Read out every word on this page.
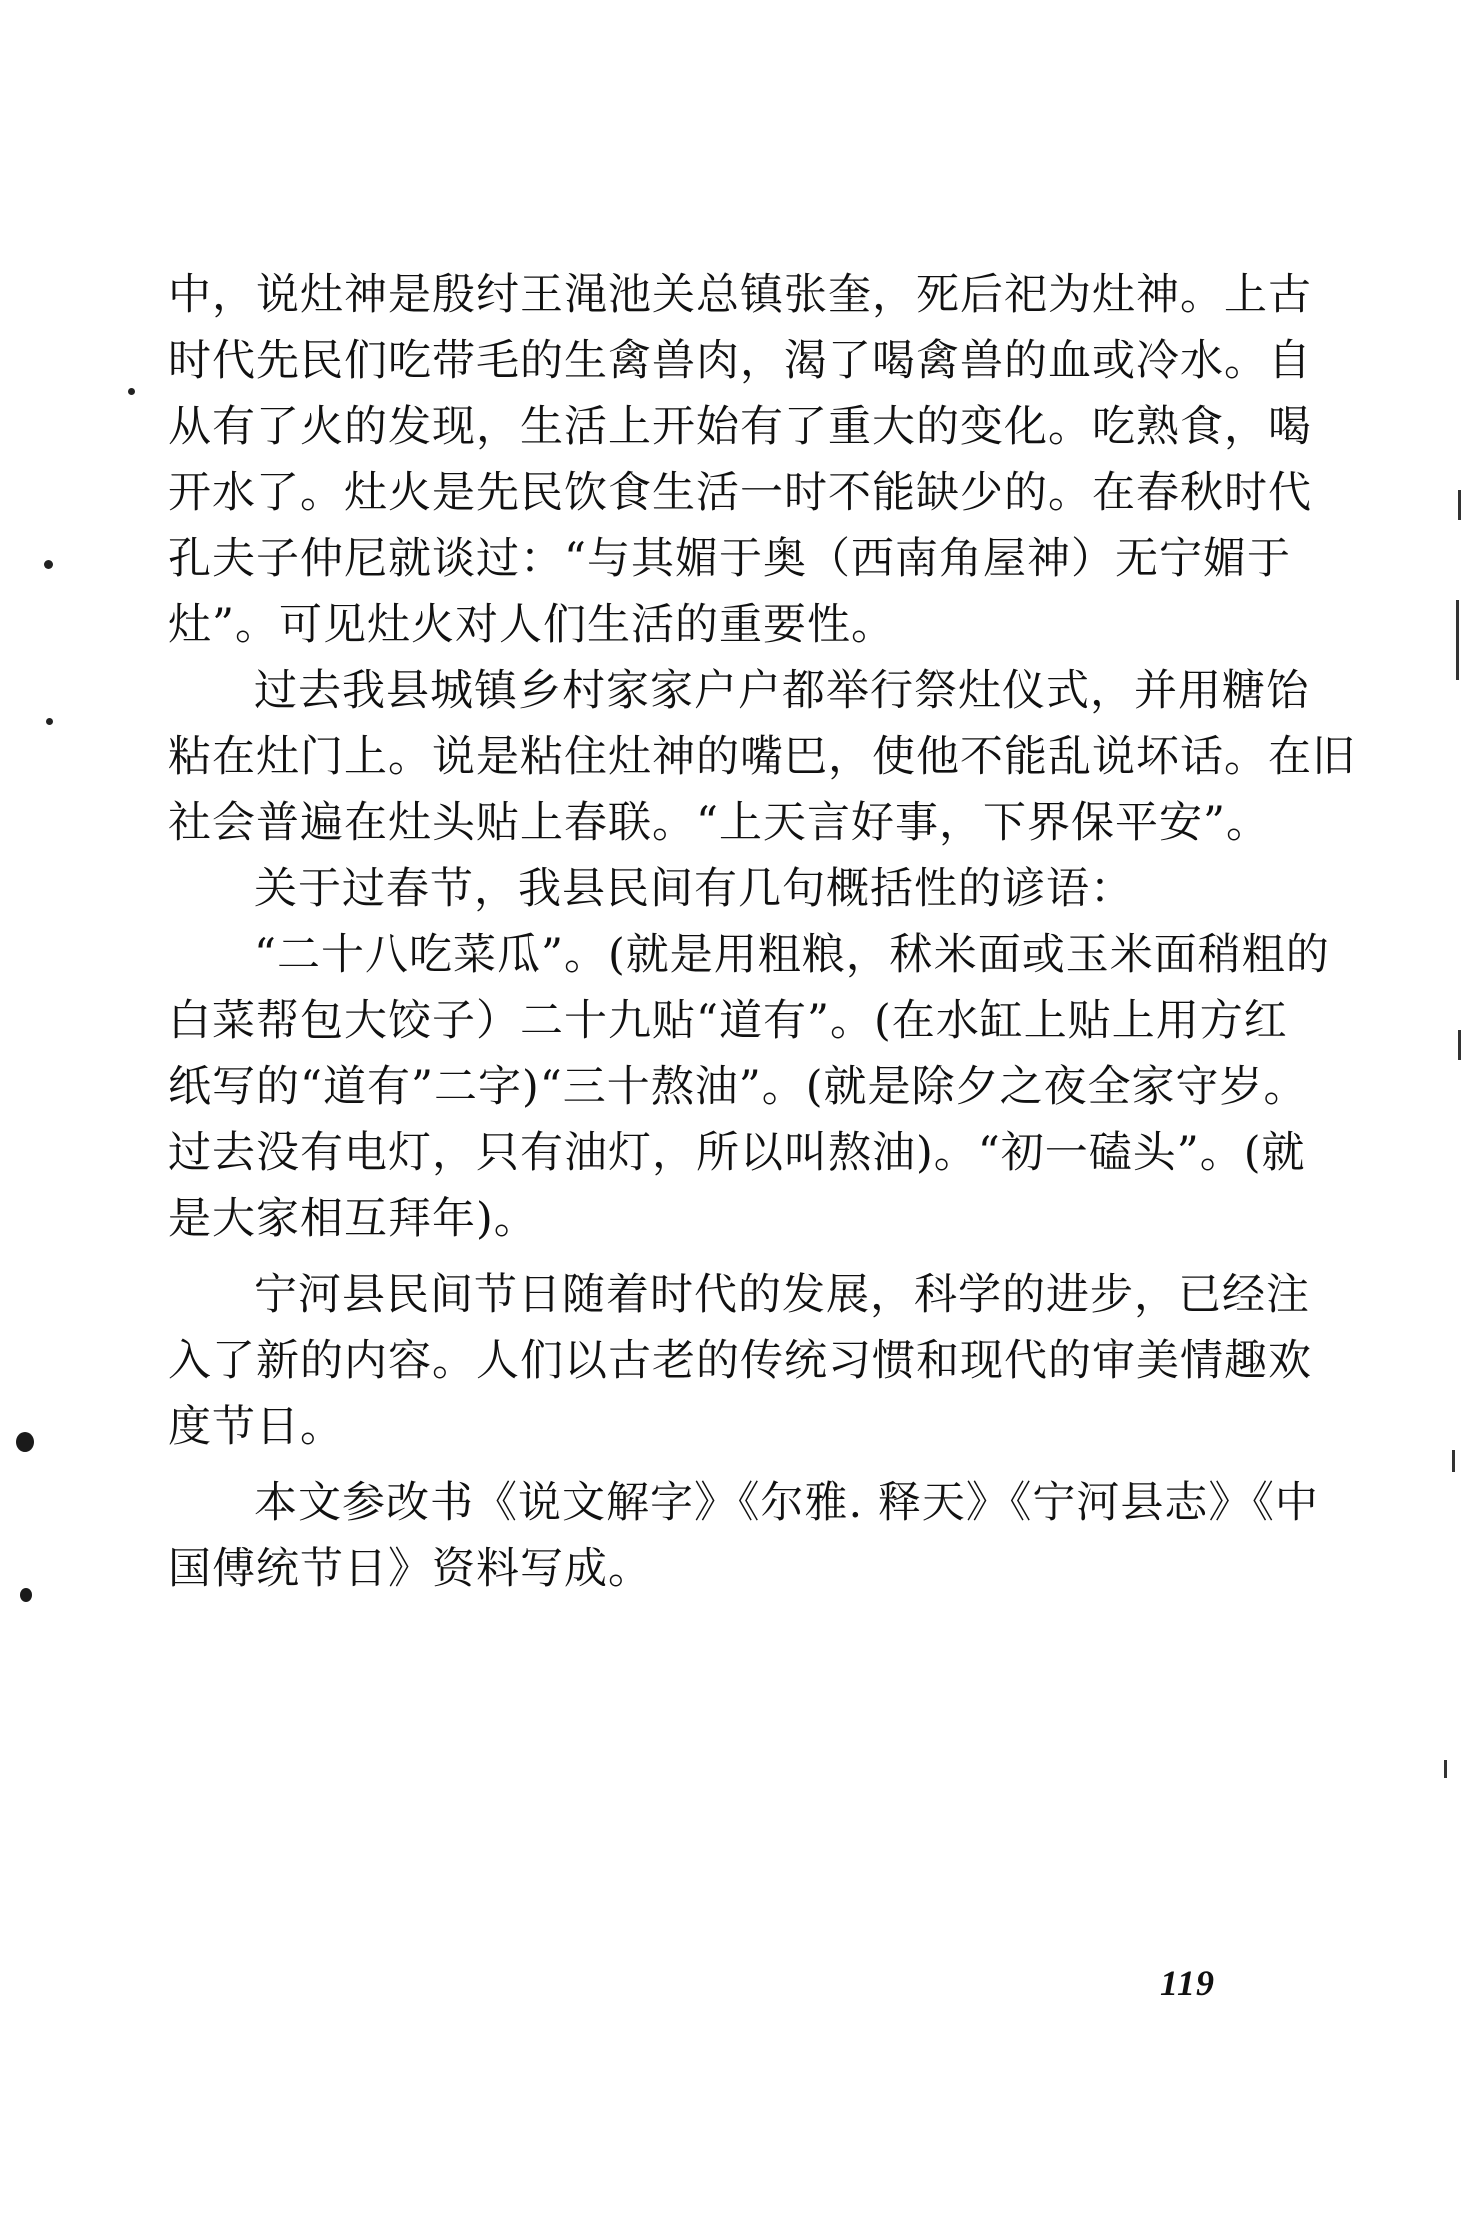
中，说灶神是殷纣王渑池关总镇张奎，死后祀为灶神。上古
时代先民们吃带毛的生禽兽肉，渴了喝禽兽的血或冷水。自
从有了火的发现，生活上开始有了重大的变化。吃熟食，喝
开水了。灶火是先民饮食生活一时不能缺少的。在春秋时代
孔夫子仲尼就谈过：“与其媚于奥（西南角屋神）无宁媚于
灶”。可见灶火对人们生活的重要性。
过去我县城镇乡村家家户户都举行祭灶仪式，并用糖饴
粘在灶门上。说是粘住灶神的嘴巴，使他不能乱说坏话。在旧
社会普遍在灶头贴上春联。“上天言好事，下界保平安”。
关于过春节，我县民间有几句概括性的谚语：
“二十八吃菜瓜”。(就是用粗粮，秫米面或玉米面稍粗的
白菜帮包大饺子）二十九贴“道有”。(在水缸上贴上用方红
纸写的“道有”二字)“三十熬油”。(就是除夕之夜全家守岁。
过去没有电灯，只有油灯，所以叫熬油)。“初一磕头”。(就
是大家相互拜年)。
宁河县民间节日随着时代的发展，科学的进步，已经注
入了新的内容。人们以古老的传统习惯和现代的审美情趣欢
度节日。
本文参改书《说文解字》《尔雅. 释天》《宁河县志》《中
国傅统节日》资料写成。
119
